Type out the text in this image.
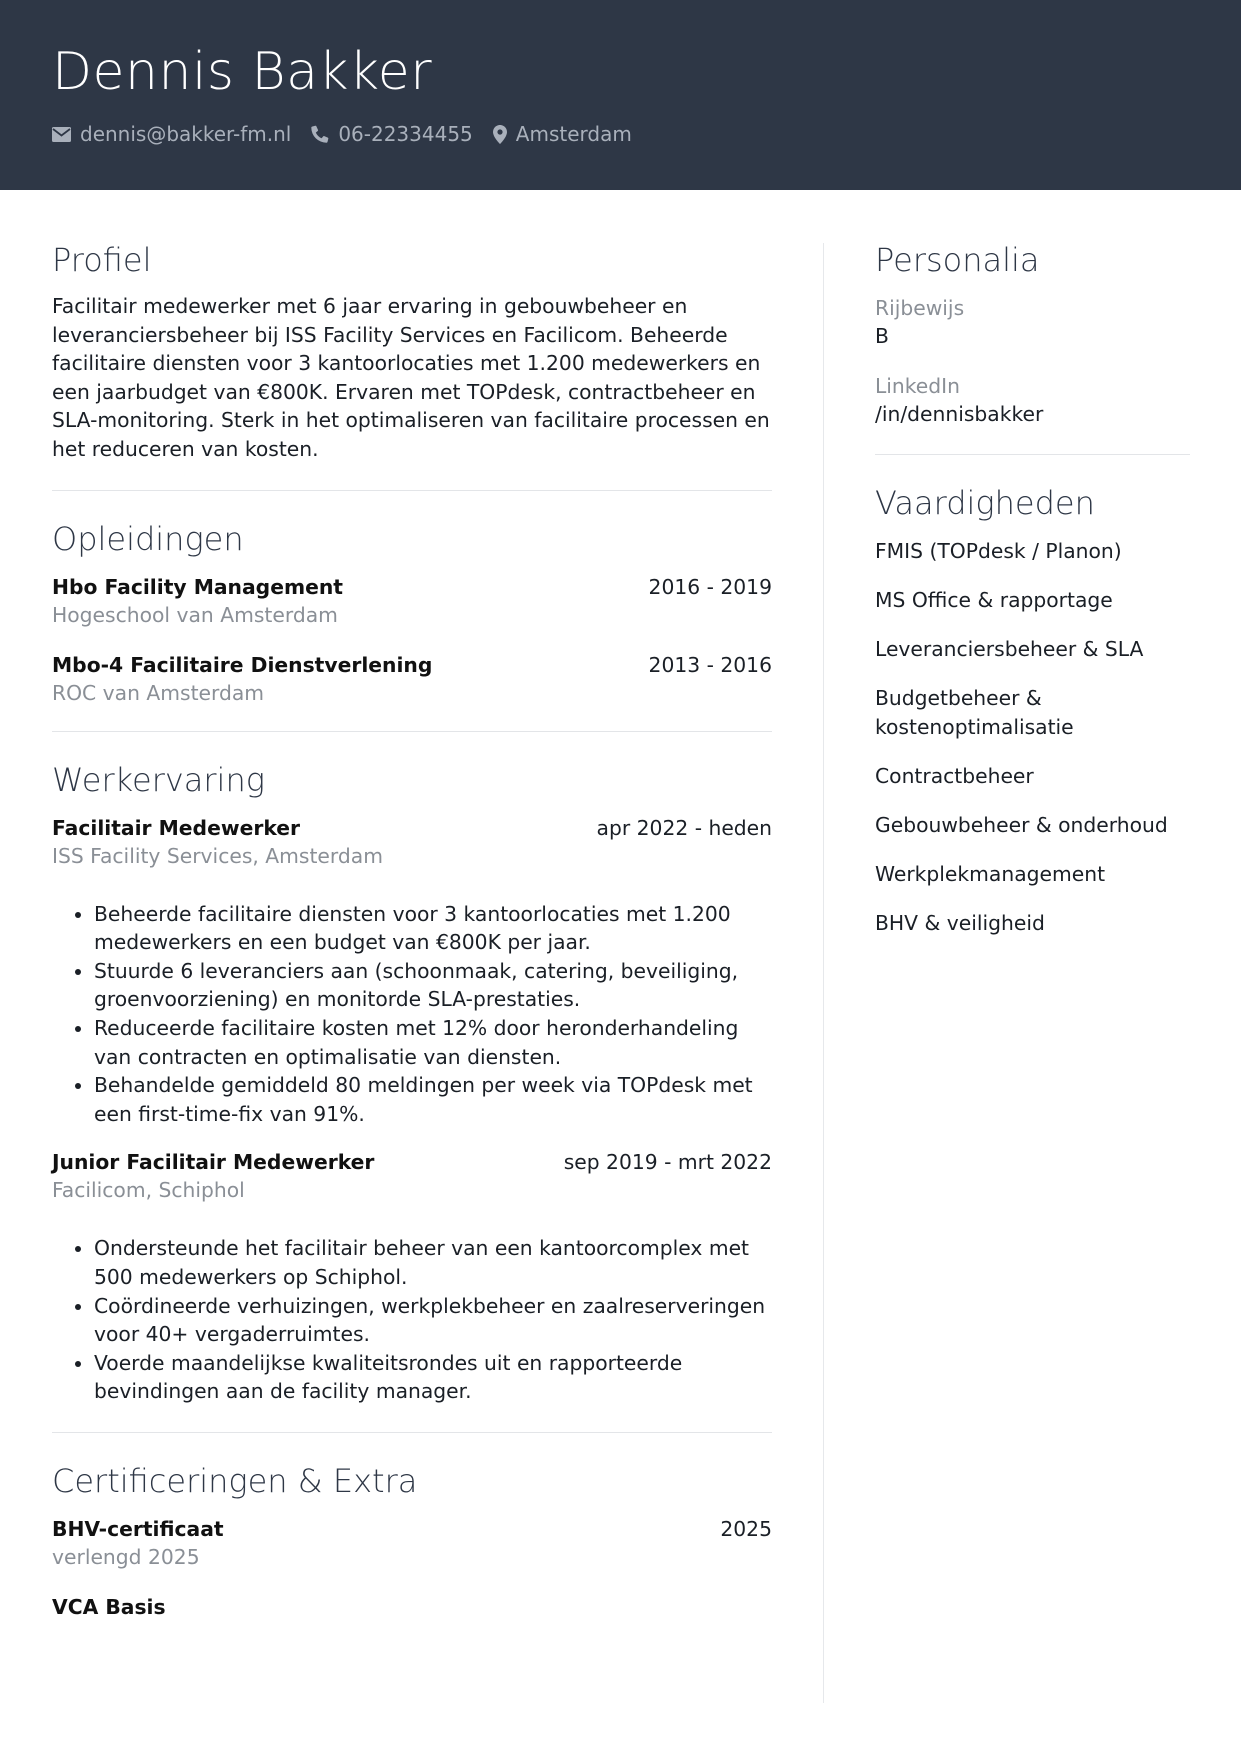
Dennis Bakker
dennis@bakker-fm.nl 06-22334455 Amsterdam
Profiel
Facilitair medewerker met 6 jaar ervaring in gebouwbeheer en leveranciersbeheer bij ISS Facility Services en Facilicom. Beheerde facilitaire diensten voor 3 kantoorlocaties met 1.200 medewerkers en een jaarbudget van €800K. Ervaren met TOPdesk, contractbeheer en SLA-monitoring. Sterk in het optimaliseren van facilitaire processen en het reduceren van kosten.
Opleidingen
Hbo Facility Management	2016 - 2019
Hogeschool van Amsterdam
Mbo-4 Facilitaire Dienstverlening	2013 - 2016
ROC van Amsterdam
Werkervaring
Facilitair Medewerker	apr 2022 - heden
ISS Facility Services, Amsterdam
• Beheerde facilitaire diensten voor 3 kantoorlocaties met 1.200 medewerkers en een budget van €800K per jaar.
• Stuurde 6 leveranciers aan (schoonmaak, catering, beveiliging, groenvoorziening) en monitorde SLA-prestaties.
• Reduceerde facilitaire kosten met 12% door heronderhandeling van contracten en optimalisatie van diensten.
• Behandelde gemiddeld 80 meldingen per week via TOPdesk met een first-time-fix van 91%.
Junior Facilitair Medewerker	sep 2019 - mrt 2022
Facilicom, Schiphol
• Ondersteunde het facilitair beheer van een kantoorcomplex met 500 medewerkers op Schiphol.
• Coördineerde verhuizingen, werkplekbeheer en zaalreserveringen voor 40+ vergaderruimtes.
• Voerde maandelijkse kwaliteitsrondes uit en rapporteerde bevindingen aan de facility manager.
Certificeringen & Extra
BHV-certificaat	2025
verlengd 2025
VCA Basis
Personalia
Rijbewijs
B
LinkedIn
/in/dennisbakker
Vaardigheden
FMIS (TOPdesk / Planon)
MS Office & rapportage
Leveranciersbeheer & SLA
Budgetbeheer & kostenoptimalisatie
Contractbeheer
Gebouwbeheer & onderhoud
Werkplekmanagement
BHV & veiligheid
